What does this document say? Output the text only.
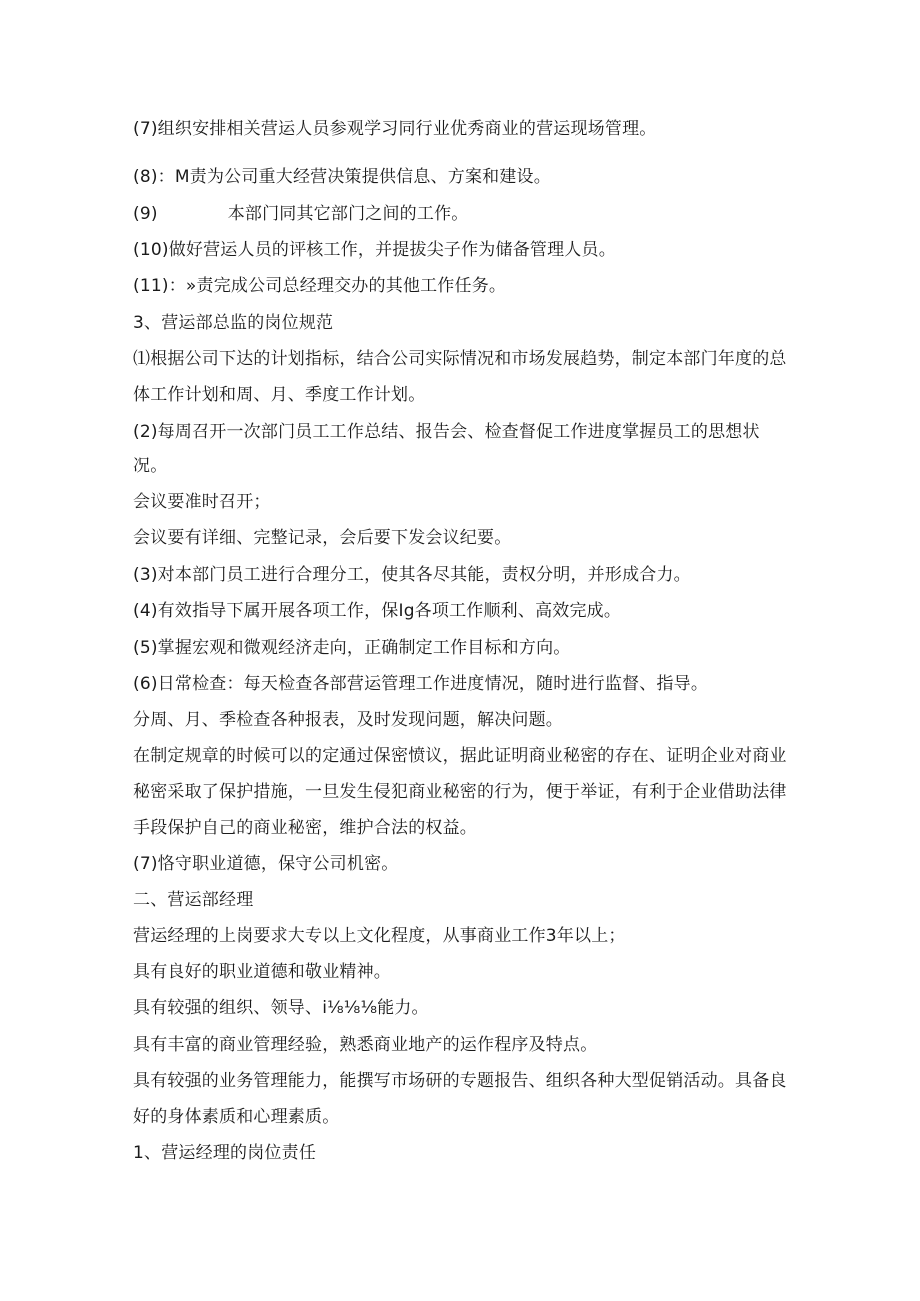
(7)组织安排相关营运人员参观学习同行业优秀商业的营运现场管理。
(8)：M责为公司重大经营决策提供信息、方案和建设。
(9)	本部门同其它部门之间的工作。
(10)做好营运人员的评核工作，并提拔尖子作为储备管理人员。
(11)：»责完成公司总经理交办的其他工作任务。
3、营运部总监的岗位规范
⑴根据公司下达的计划指标，结合公司实际情况和市场发展趋势，制定本部门年度的总
体工作计划和周、月、季度工作计划。
(2)每周召开一次部门员工工作总结、报告会、检查督促工作进度掌握员工的思想状
况。
会议要准时召开；
会议要有详细、完整记录，会后要下发会议纪要。
(3)对本部门员工进行合理分工，使其各尽其能，责权分明，并形成合力。
(4)有效指导下属开展各项工作，保Ig各项工作顺利、高效完成。
(5)掌握宏观和微观经济走向，正确制定工作目标和方向。
(6)日常检查：每天检查各部营运管理工作进度情况，随时进行监督、指导。
分周、月、季检查各种报表，及时发现问题，解决问题。
在制定规章的时候可以的定通过保密愤议，据此证明商业秘密的存在、证明企业对商业
秘密采取了保护措施，一旦发生侵犯商业秘密的行为，便于举证，有利于企业借助法律
手段保护自己的商业秘密，维护合法的权益。
(7)恪守职业道德，保守公司机密。
二、营运部经理
营运经理的上岗要求大专以上文化程度，从事商业工作3年以上；
具有良好的职业道德和敬业精神。
具有较强的组织、领导、i⅛⅛⅛能力。
具有丰富的商业管理经验，熟悉商业地产的运作程序及特点。
具有较强的业务管理能力，能撰写市场研的专题报告、组织各种大型促销活动。具备良
好的身体素质和心理素质。
1、营运经理的岗位责任
